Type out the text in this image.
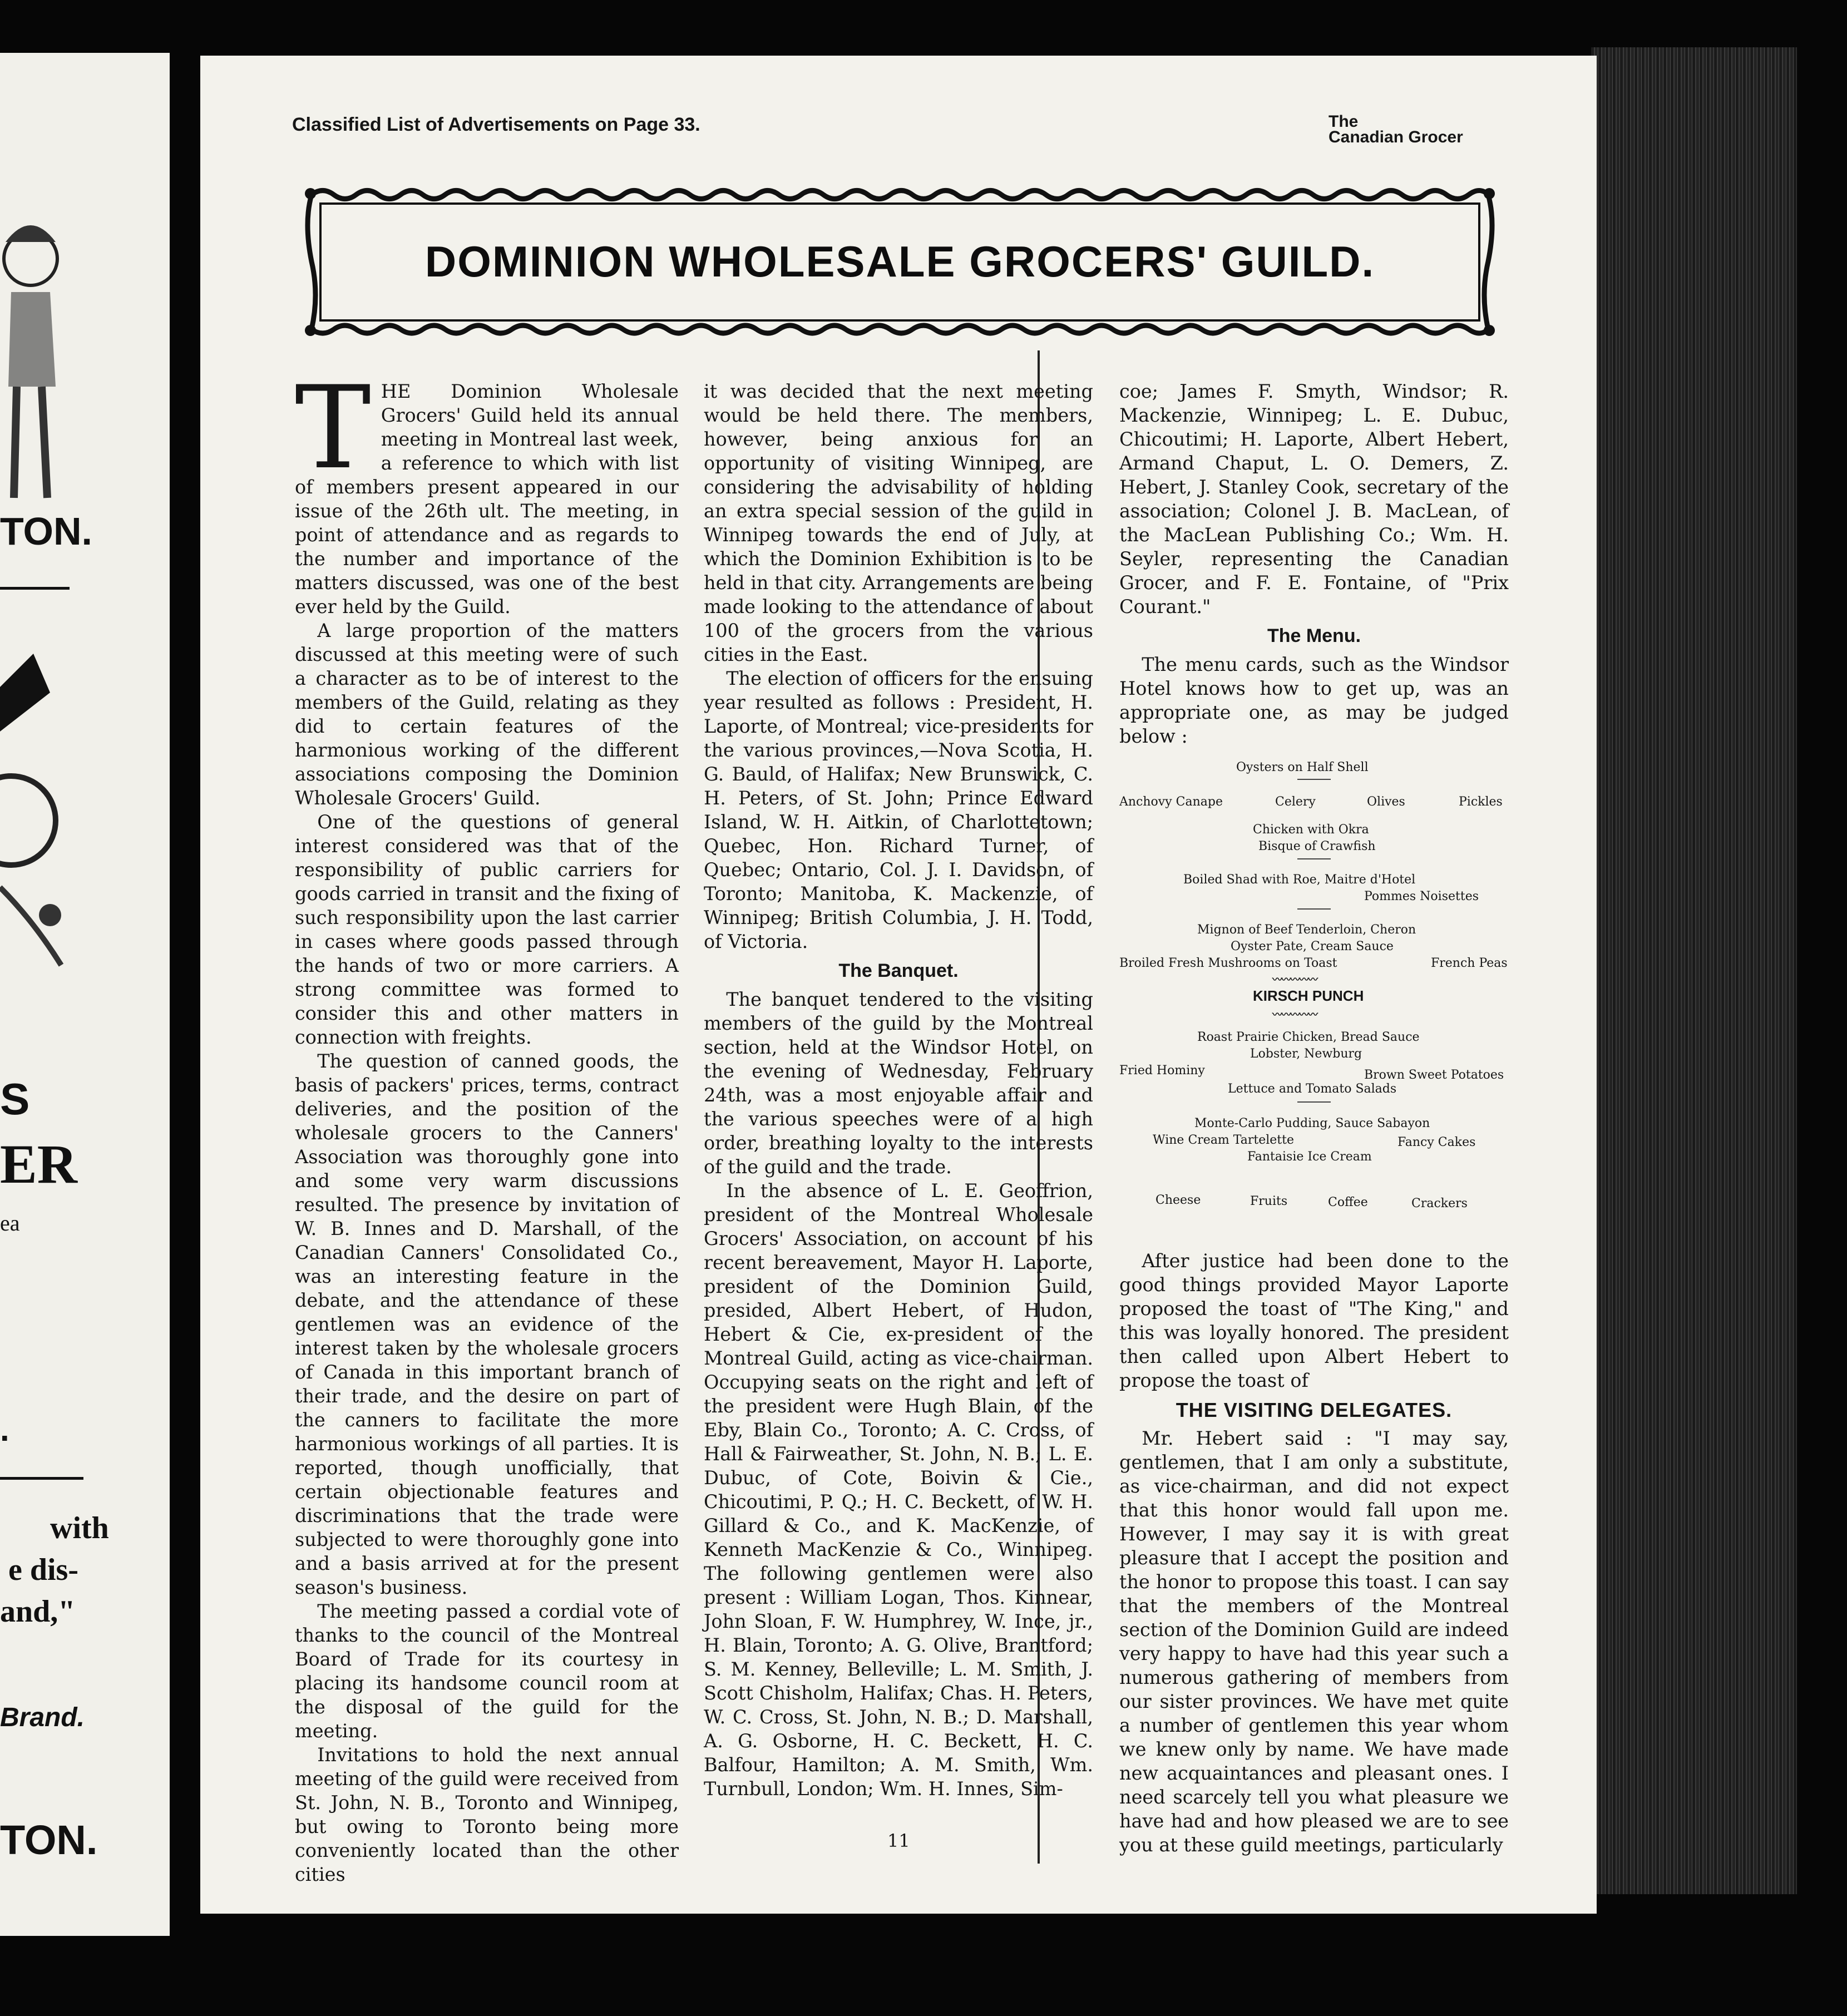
TON.
S
ER
ea
.
with
e dis-
and,"
Brand.
TON.
Classified List of Advertisements on Page 33.	The
Canadian Grocer
DOMINION WHOLESALE GROCERS' GUILD.

THE Dominion Wholesale Grocers' Guild held its annual meeting in Montreal last week, a reference to which with list of members present appeared in our issue of the 26th ult. The meeting, in point of attendance and as regards to the number and importance of the matters discussed, was one of the best ever held by the Guild.

A large proportion of the matters discussed at this meeting were of such a character as to be of interest to the members of the Guild, relating as they did to certain features of the harmonious working of the different associations composing the Dominion Wholesale Grocers' Guild.

One of the questions of general interest considered was that of the responsibility of public carriers for goods carried in transit and the fixing of such responsibility upon the last carrier in cases where goods passed through the hands of two or more carriers. A strong committee was formed to consider this and other matters in connection with freights.

The question of canned goods, the basis of packers' prices, terms, contract deliveries, and the position of the wholesale grocers to the Canners' Association was thoroughly gone into and some very warm discussions resulted. The presence by invitation of W. B. Innes and D. Marshall, of the Canadian Canners' Consolidated Co., was an interesting feature in the debate, and the attendance of these gentlemen was an evidence of the interest taken by the wholesale grocers of Canada in this important branch of their trade, and the desire on part of the canners to facilitate the more harmonious workings of all parties. It is reported, though unofficially, that certain objectionable features and discriminations that the trade were subjected to were thoroughly gone into and a basis arrived at for the present season's business.

The meeting passed a cordial vote of thanks to the council of the Montreal Board of Trade for its courtesy in placing its handsome council room at the disposal of the guild for the meeting.

Invitations to hold the next annual meeting of the guild were received from St. John, N. B., Toronto and Winnipeg, but owing to Toronto being more conveniently located than the other cities

it was decided that the next meeting would be held there. The members, however, being anxious for an opportunity of visiting Winnipeg, are considering the advisability of holding an extra special session of the guild in Winnipeg towards the end of July, at which the Dominion Exhibition is to be held in that city. Arrangements are being made looking to the attendance of about 100 of the grocers from the various cities in the East.

The election of officers for the ensuing year resulted as follows : President, H. Laporte, of Montreal; vice-presidents for the various provinces,—Nova Scotia, H. G. Bauld, of Halifax; New Brunswick, C. H. Peters, of St. John; Prince Edward Island, W. H. Aitkin, of Charlottetown; Quebec, Hon. Richard Turner, of Quebec; Ontario, Col. J. I. Davidson, of Toronto; Manitoba, K. Mackenzie, of Winnipeg; British Columbia, J. H. Todd, of Victoria.

The Banquet.

The banquet tendered to the visiting members of the guild by the Montreal section, held at the Windsor Hotel, on the evening of Wednesday, February 24th, was a most enjoyable affair and the various speeches were of a high order, breathing loyalty to the interests of the guild and the trade.

In the absence of L. E. Geoffrion, president of the Montreal Wholesale Grocers' Association, on account of his recent bereavement, Mayor H. Laporte, president of the Dominion Guild, presided, Albert Hebert, of Hudon, Hebert & Cie, ex-president of the Montreal Guild, acting as vice-chairman. Occupying seats on the right and left of the president were Hugh Blain, of the Eby, Blain Co., Toronto; A. C. Cross, of Hall & Fairweather, St. John, N. B.; L. E. Dubuc, of Cote, Boivin & Cie., Chicoutimi, P. Q.; H. C. Beckett, of W. H. Gillard & Co., and K. MacKenzie, of Kenneth MacKenzie & Co., Winnipeg. The following gentlemen were also present : William Logan, Thos. Kinnear, John Sloan, F. W. Humphrey, W. Ince, jr., H. Blain, Toronto; A. G. Olive, Brantford; S. M. Kenney, Belleville; L. M. Smith, J. Scott Chisholm, Halifax; Chas. H. Peters, W. C. Cross, St. John, N. B.; D. Marshall, A. G. Osborne, H. C. Beckett, H. C. Balfour, Hamilton; A. M. Smith, Wm. Turnbull, London; Wm. H. Innes, Sim-

coe; James F. Smyth, Windsor; R. Mackenzie, Winnipeg; L. E. Dubuc, Chicoutimi; H. Laporte, Albert Hebert, Armand Chaput, L. O. Demers, Z. Hebert, J. Stanley Cook, secretary of the association; Colonel J. B. MacLean, of the MacLean Publishing Co.; Wm. H. Seyler, representing the Canadian Grocer, and F. E. Fontaine, of "Prix Courant."

The Menu.

The menu cards, such as the Windsor Hotel knows how to get up, was an appropriate one, as may be judged below :

Oysters on Half Shell
Anchovy Canape	Celery	Olives	Pickles
Chicken with Okra
Bisque of Crawfish
Boiled Shad with Roe, Maitre d'Hotel
Pommes Noisettes
Mignon of Beef Tenderloin, Cheron
Oyster Pate, Cream Sauce
Broiled Fresh Mushrooms on Toast	French Peas
〰〰〰〰〰
KIRSCH PUNCH
〰〰〰〰〰
Roast Prairie Chicken, Bread Sauce
Lobster, Newburg
Fried Hominy	Brown Sweet Potatoes
Lettuce and Tomato Salads
Monte-Carlo Pudding, Sauce Sabayon
Wine Cream Tartelette	Fancy Cakes
Fantaisie Ice Cream
Cheese	Fruits	Coffee	Crackers

After justice had been done to the good things provided Mayor Laporte proposed the toast of "The King," and this was loyally honored. The president then called upon Albert Hebert to propose the toast of

THE VISITING DELEGATES.

Mr. Hebert said : "I may say, gentlemen, that I am only a substitute, as vice-chairman, and did not expect that this honor would fall upon me. However, I may say it is with great pleasure that I accept the position and the honor to propose this toast. I can say that the members of the Montreal section of the Dominion Guild are indeed very happy to have had this year such a numerous gathering of members from our sister provinces. We have met quite a number of gentlemen this year whom we knew only by name. We have made new acquaintances and pleasant ones. I need scarcely tell you what pleasure we have had and how pleased we are to see you at these guild meetings, particularly

11
